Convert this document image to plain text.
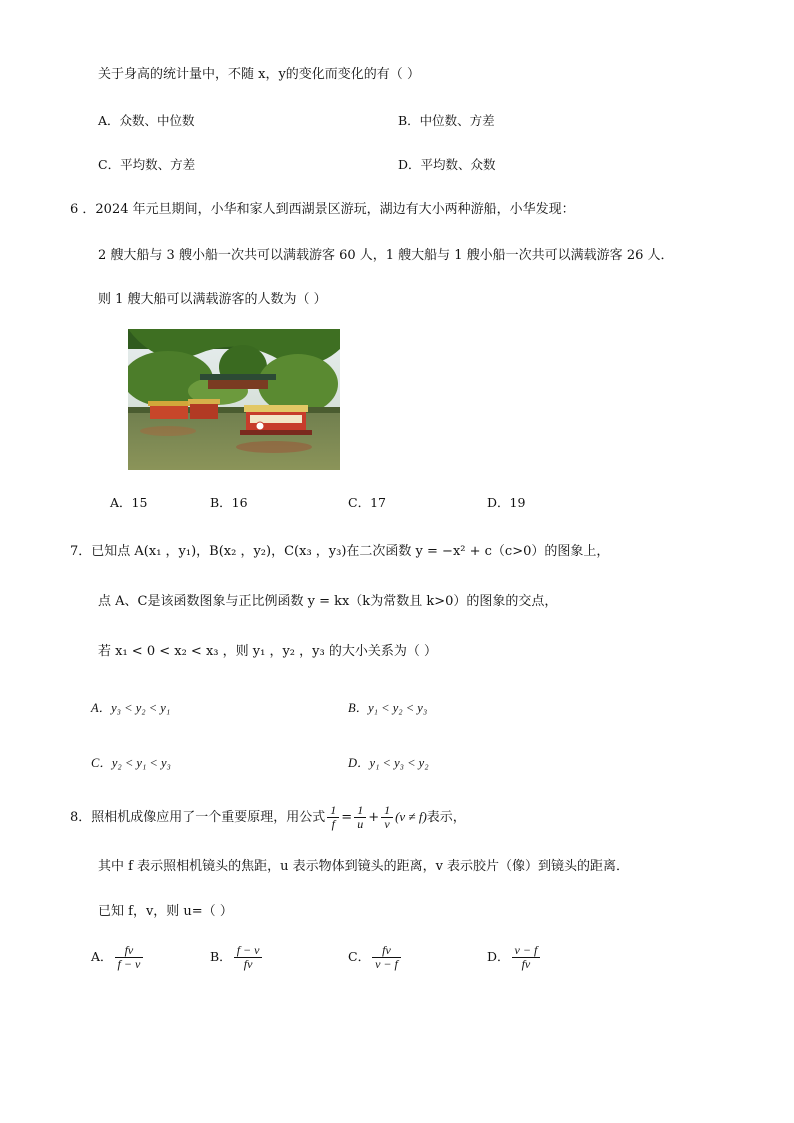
关于身高的统计量中，不随 x，y的变化而变化的有（ ）
A．众数、中位数	B．中位数、方差
C．平均数、方差	D．平均数、众数
6 ．2024 年元旦期间，小华和家人到西湖景区游玩，湖边有大小两种游船，小华发现：
2 艘大船与 3 艘小船一次共可以满载游客 60 人，1 艘大船与 1 艘小船一次共可以满载游客 26 人．
则 1 艘大船可以满载游客的人数为（ ）
A．15	B．16	C．17	D．19
7．已知点 A(x₁ ，y₁)，B(x₂ ，y₂)，C(x₃ ，y₃)在二次函数 y = −x² + c（c>0）的图象上，
点 A、C是该函数图象与正比例函数 y = kx（k为常数且 k>0）的图象的交点，
若 x₁ < 0 < x₂ < x₃ ，则 y₁ ，y₂ ，y₃ 的大小关系为（ ）
A．y₃ < y₂ < y₁	B．y₁ < y₂ < y₃
C．y₂ < y₁ < y₃	D．y₁ < y₃ < y₂
8．照相机成像应用了一个重要原理，用公式 $\frac{1}{f} = \frac{1}{u} + \frac{1}{v} (v \ne f)$表示，
其中 f 表示照相机镜头的焦距，u 表示物体到镜头的距离，v 表示胶片（像）到镜头的距离．
已知 f，v，则 u=（ ）
A． $\frac{fv}{f - v}$	B． $\frac{f - v}{fv}$	C． $\frac{fv}{v - f}$	D． $\frac{v - f}{fv}$
